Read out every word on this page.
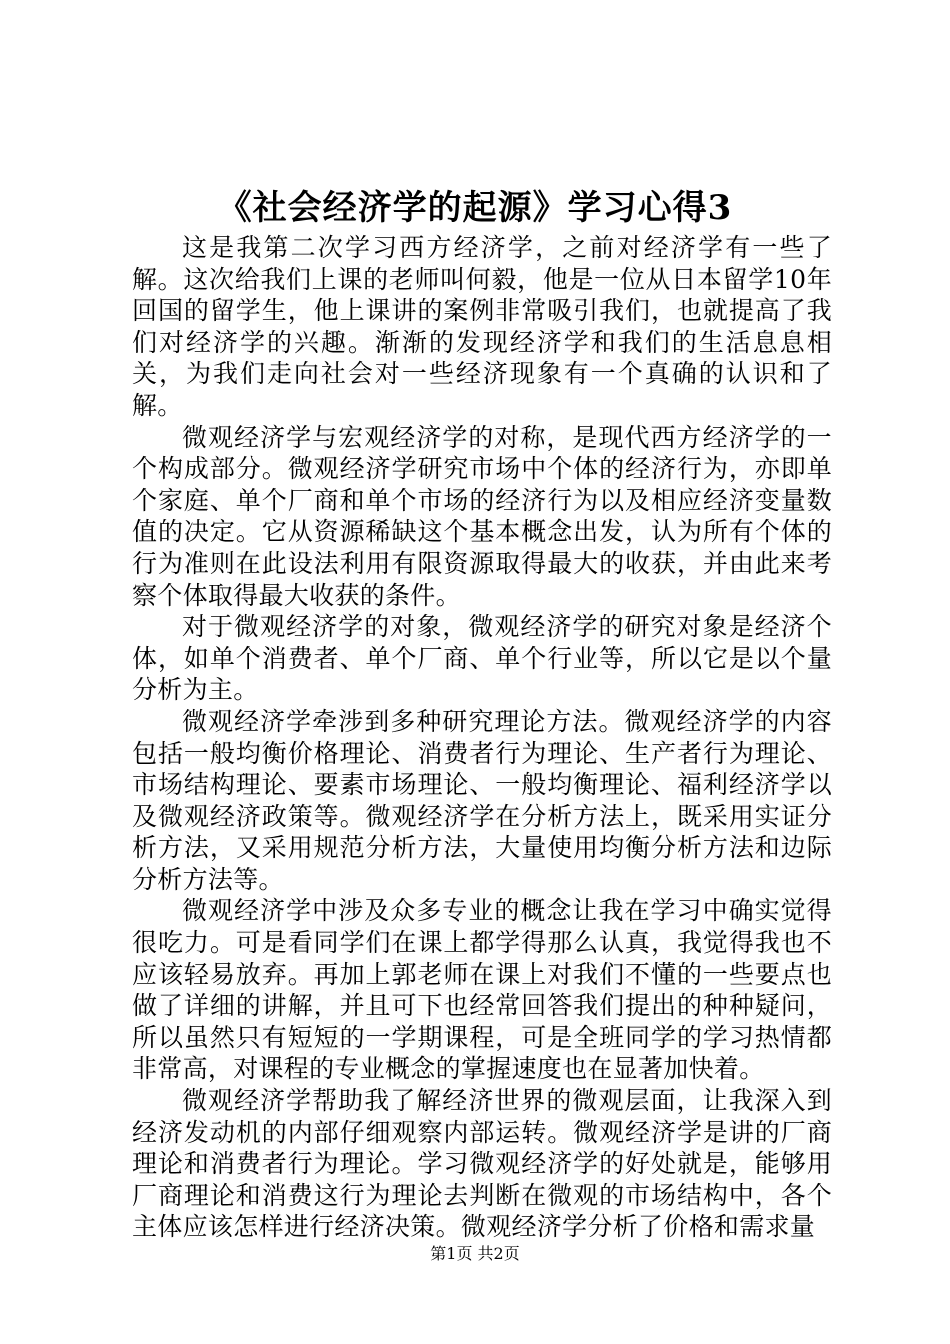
《社会经济学的起源》学习心得3

这是我第二次学习西方经济学，之前对经济学有一些了解。这次给我们上课的老师叫何毅，他是一位从日本留学10年回国的留学生，他上课讲的案例非常吸引我们，也就提高了我们对经济学的兴趣。渐渐的发现经济学和我们的生活息息相关，为我们走向社会对一些经济现象有一个真确的认识和了解。

微观经济学与宏观经济学的对称，是现代西方经济学的一个构成部分。微观经济学研究市场中个体的经济行为，亦即单个家庭、单个厂商和单个市场的经济行为以及相应经济变量数值的决定。它从资源稀缺这个基本概念出发，认为所有个体的行为准则在此设法利用有限资源取得最大的收获，并由此来考察个体取得最大收获的条件。

对于微观经济学的对象，微观经济学的研究对象是经济个体，如单个消费者、单个厂商、单个行业等，所以它是以个量分析为主。

微观经济学牵涉到多种研究理论方法。微观经济学的内容包括一般均衡价格理论、消费者行为理论、生产者行为理论、市场结构理论、要素市场理论、一般均衡理论、福利经济学以及微观经济政策等。微观经济学在分析方法上，既采用实证分析方法，又采用规范分析方法，大量使用均衡分析方法和边际分析方法等。

微观经济学中涉及众多专业的概念让我在学习中确实觉得很吃力。可是看同学们在课上都学得那么认真，我觉得我也不应该轻易放弃。再加上郭老师在课上对我们不懂的一些要点也做了详细的讲解，并且可下也经常回答我们提出的种种疑问，所以虽然只有短短的一学期课程，可是全班同学的学习热情都非常高，对课程的专业概念的掌握速度也在显著加快着。

微观经济学帮助我了解经济世界的微观层面，让我深入到经济发动机的内部仔细观察内部运转。微观经济学是讲的厂商理论和消费者行为理论。学习微观经济学的好处就是，能够用厂商理论和消费这行为理论去判断在微观的市场结构中，各个主体应该怎样进行经济决策。微观经济学分析了价格和需求量

第1页 共2页
